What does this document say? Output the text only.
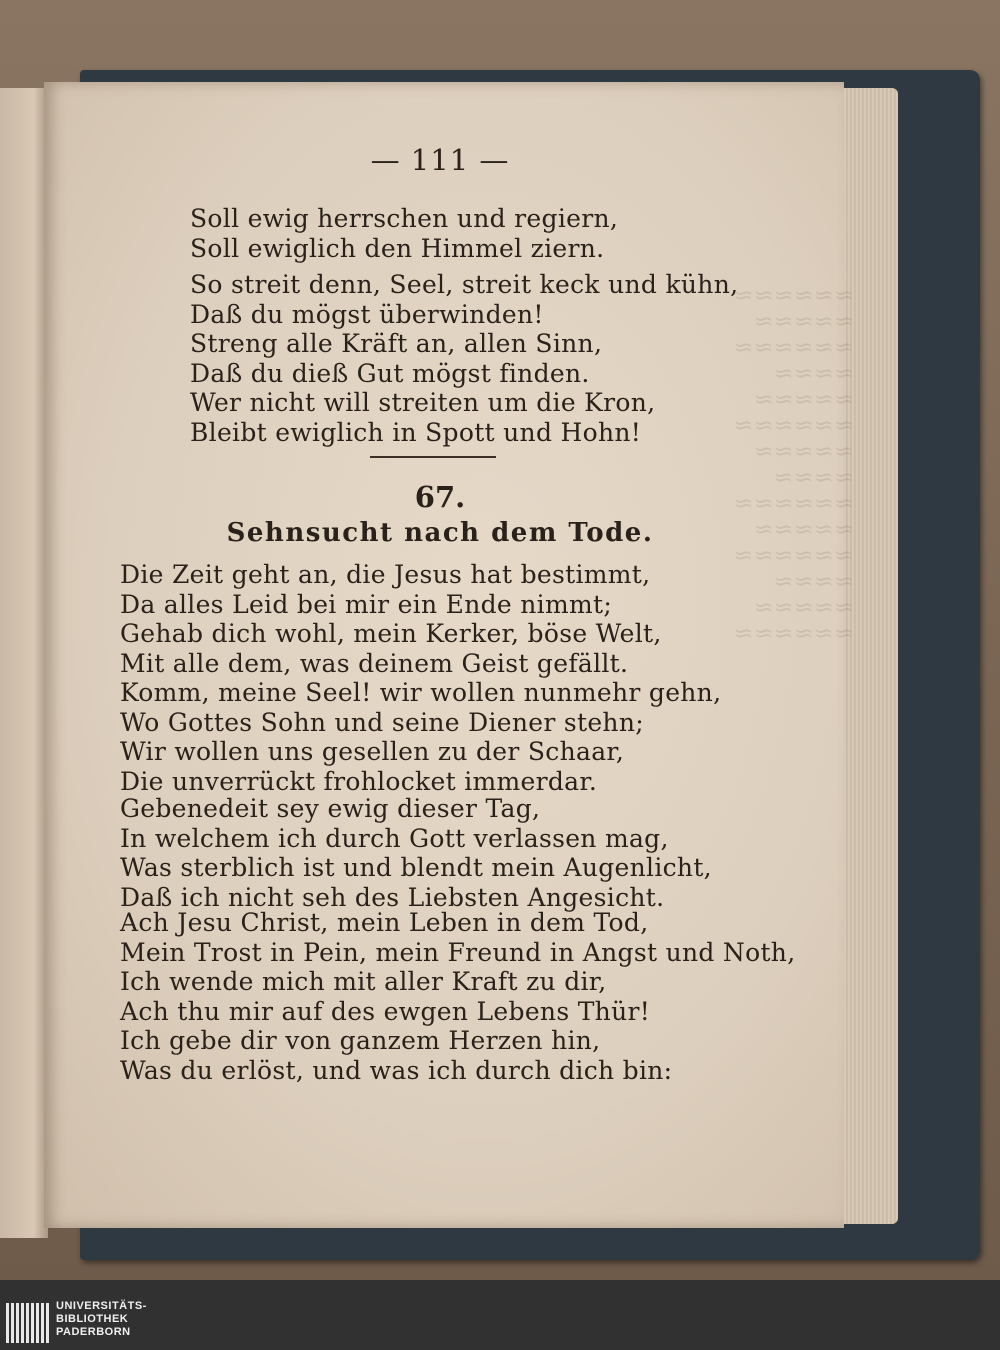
≈≈≈≈≈≈
≈≈≈≈≈
≈≈≈≈≈≈
≈≈≈≈
≈≈≈≈≈
≈≈≈≈≈≈
≈≈≈≈≈
≈≈≈≈
≈≈≈≈≈≈
≈≈≈≈≈
≈≈≈≈≈≈
≈≈≈≈
≈≈≈≈≈
≈≈≈≈≈≈
— 111 —
Soll ewig herrschen und regiern,
Soll ewiglich den Himmel ziern.
So streit denn, Seel, streit keck und kühn,
Daß du mögst überwinden!
Streng alle Kräft an, allen Sinn,
Daß du dieß Gut mögst finden.
Wer nicht will streiten um die Kron,
Bleibt ewiglich in Spott und Hohn!
67.
Sehnsucht nach dem Tode.
Die Zeit geht an, die Jesus hat bestimmt,
Da alles Leid bei mir ein Ende nimmt;
Gehab dich wohl, mein Kerker, böse Welt,
Mit alle dem, was deinem Geist gefällt.
Komm, meine Seel! wir wollen nunmehr gehn,
Wo Gottes Sohn und seine Diener stehn;
Wir wollen uns gesellen zu der Schaar,
Die unverrückt frohlocket immerdar.
Gebenedeit sey ewig dieser Tag,
In welchem ich durch Gott verlassen mag,
Was sterblich ist und blendt mein Augenlicht,
Daß ich nicht seh des Liebsten Angesicht.
Ach Jesu Christ, mein Leben in dem Tod,
Mein Trost in Pein, mein Freund in Angst und Noth,
Ich wende mich mit aller Kraft zu dir,
Ach thu mir auf des ewgen Lebens Thür!
Ich gebe dir von ganzem Herzen hin,
Was du erlöst, und was ich durch dich bin:
UNIVERSITÄTS-
BIBLIOTHEK
PADERBORN
